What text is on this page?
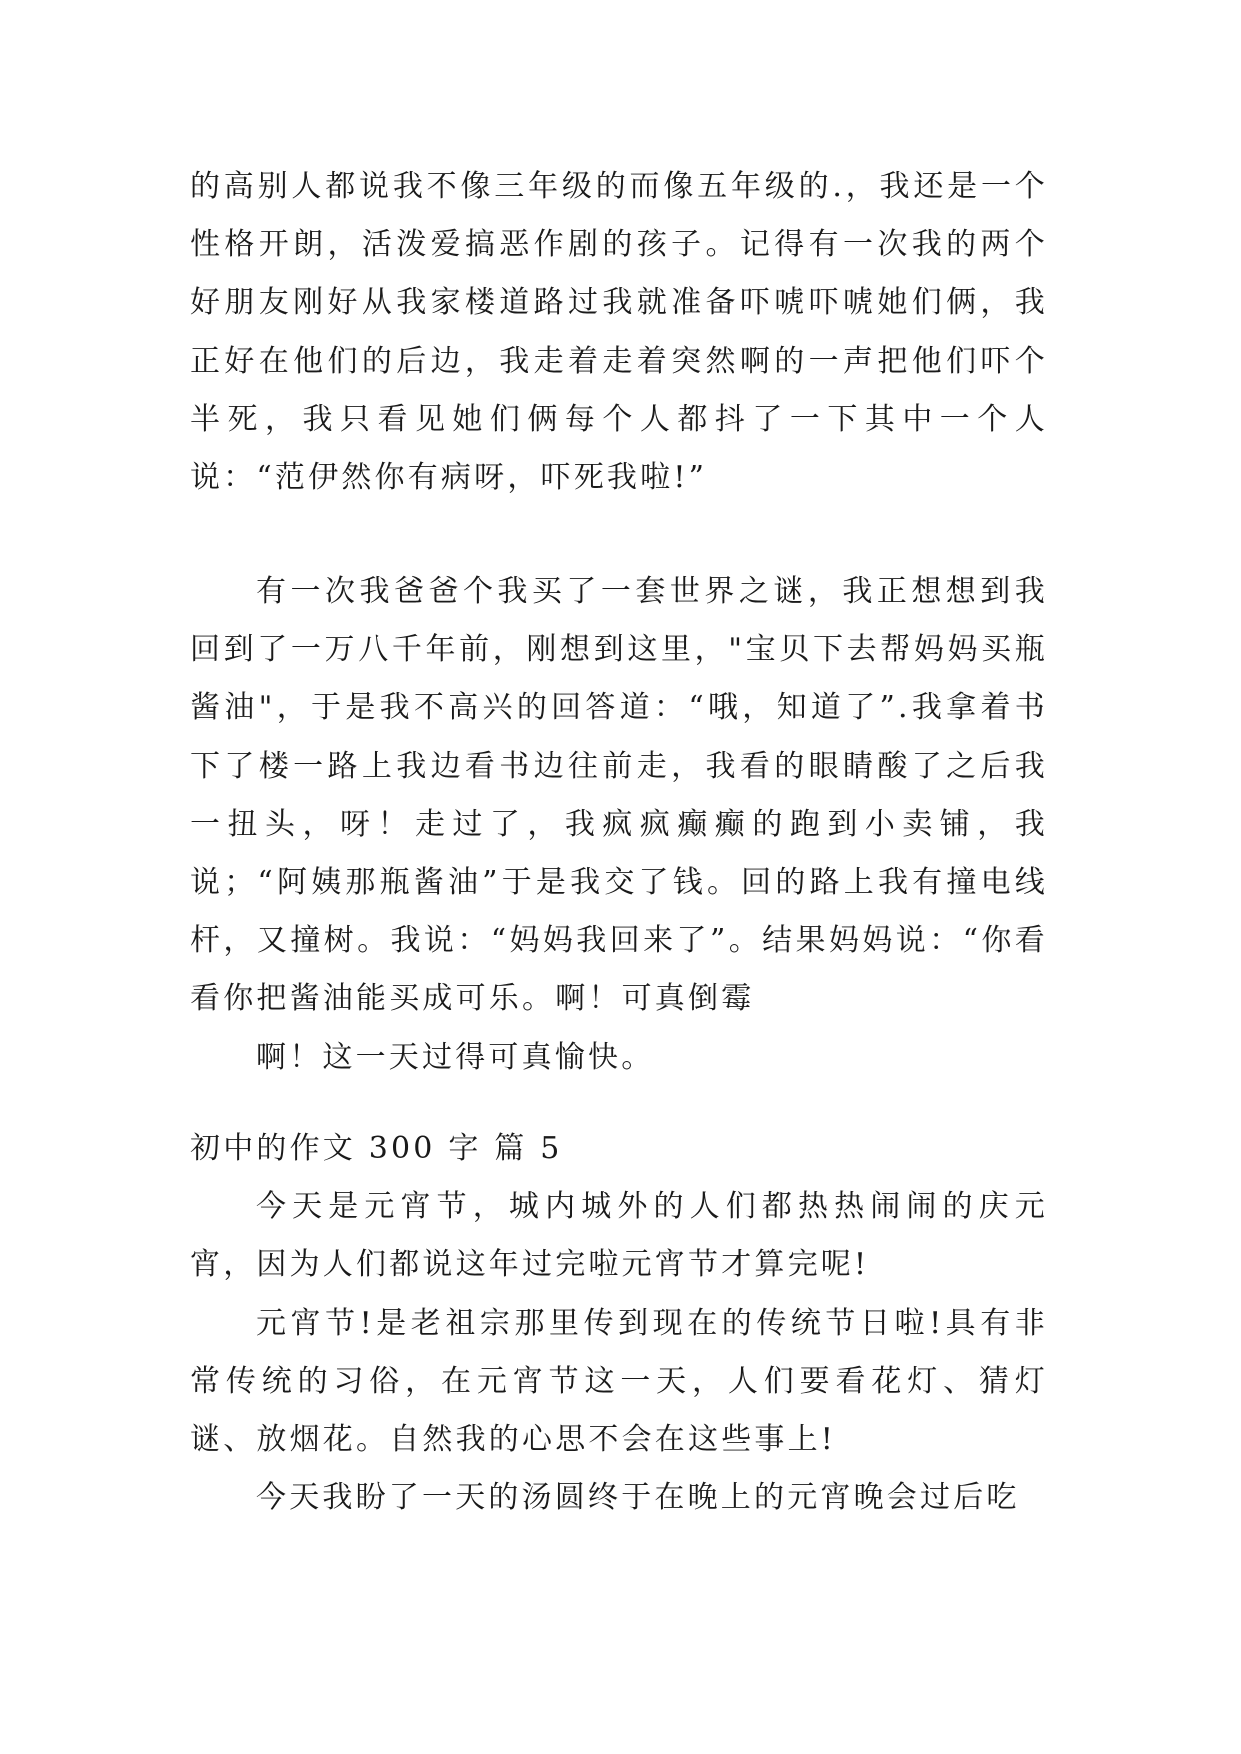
的高别人都说我不像三年级的而像五年级的.，我还是一个性格开朗，活泼爱搞恶作剧的孩子。记得有一次我的两个好朋友刚好从我家楼道路过我就准备吓唬吓唬她们俩，我正好在他们的后边，我走着走着突然啊的一声把他们吓个半死，我只看见她们俩每个人都抖了一下其中一个人说：“范伊然你有病呀，吓死我啦!”

有一次我爸爸个我买了一套世界之谜，我正想想到我回到了一万八千年前，刚想到这里，"宝贝下去帮妈妈买瓶酱油"，于是我不高兴的回答道：“哦，知道了”.我拿着书下了楼一路上我边看书边往前走，我看的眼睛酸了之后我一扭头，呀！走过了，我疯疯癫癫的跑到小卖铺，我说；“阿姨那瓶酱油”于是我交了钱。回的路上我有撞电线杆，又撞树。我说：“妈妈我回来了”。结果妈妈说：“你看看你把酱油能买成可乐。啊！可真倒霉

啊！这一天过得可真愉快。

初中的作文 300 字 篇 5

今天是元宵节，城内城外的人们都热热闹闹的庆元宵，因为人们都说这年过完啦元宵节才算完呢!

元宵节!是老祖宗那里传到现在的传统节日啦!具有非常传统的习俗，在元宵节这一天，人们要看花灯、猜灯谜、放烟花。自然我的心思不会在这些事上!

今天我盼了一天的汤圆终于在晚上的元宵晚会过后吃
